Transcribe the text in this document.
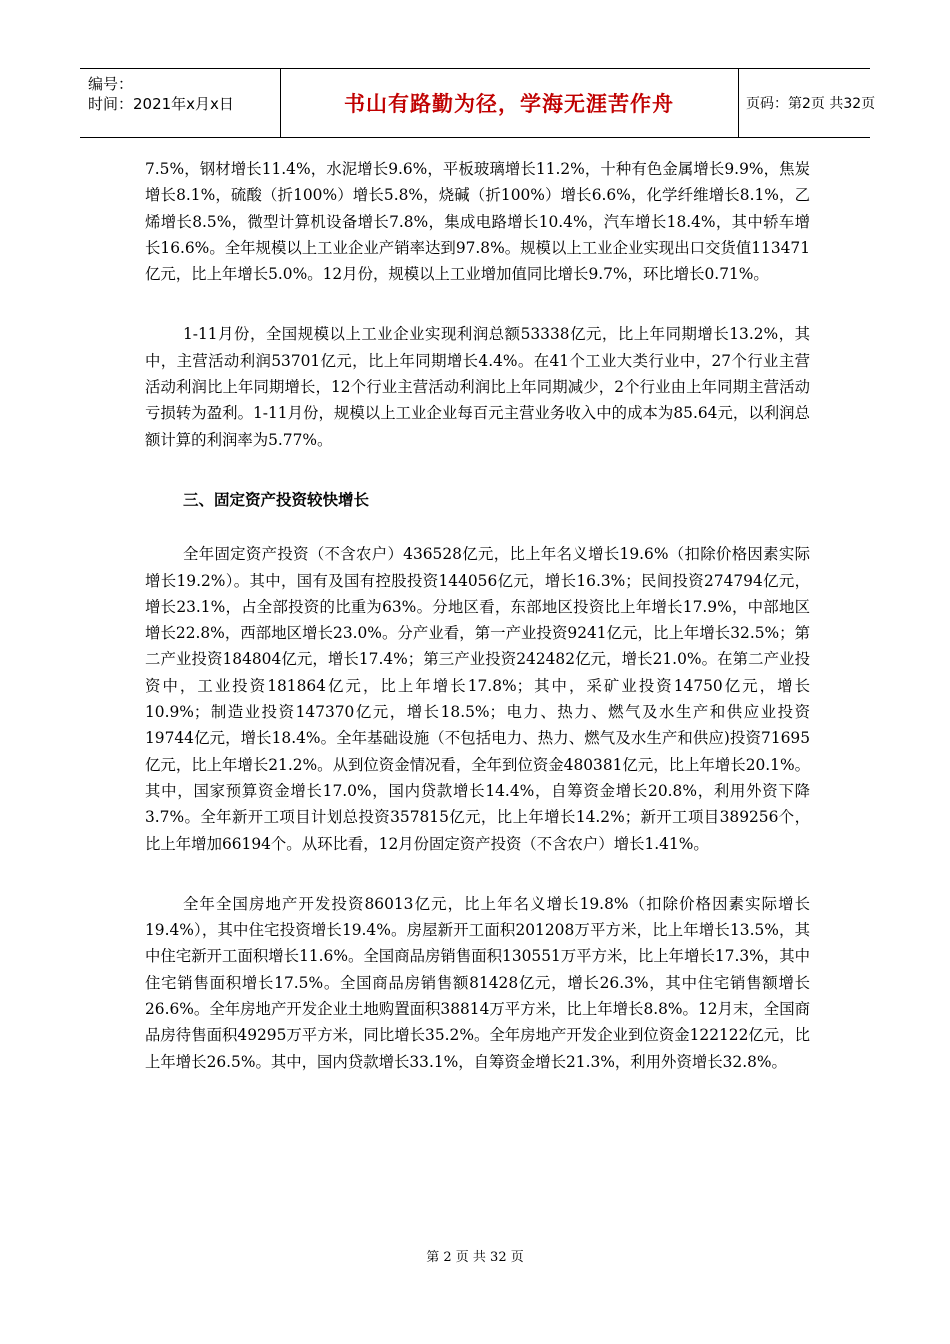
编号：
时间：2021年x月x日	书山有路勤为径，学海无涯苦作舟	页码：第2页 共32页

7.5%，钢材增长11.4%，水泥增长9.6%，平板玻璃增长11.2%，十种有色金属增长9.9%，焦炭增长8.1%，硫酸（折100%）增长5.8%，烧碱（折100%）增长6.6%，化学纤维增长8.1%，乙烯增长8.5%，微型计算机设备增长7.8%，集成电路增长10.4%，汽车增长18.4%，其中轿车增长16.6%。全年规模以上工业企业产销率达到97.8%。规模以上工业企业实现出口交货值113471亿元，比上年增长5.0%。12月份，规模以上工业增加值同比增长9.7%，环比增长0.71%。

1-11月份，全国规模以上工业企业实现利润总额53338亿元，比上年同期增长13.2%，其中，主营活动利润53701亿元，比上年同期增长4.4%。在41个工业大类行业中，27个行业主营活动利润比上年同期增长，12个行业主营活动利润比上年同期减少，2个行业由上年同期主营活动亏损转为盈利。1-11月份，规模以上工业企业每百元主营业务收入中的成本为85.64元，以利润总额计算的利润率为5.77%。

三、固定资产投资较快增长

全年固定资产投资（不含农户）436528亿元，比上年名义增长19.6%（扣除价格因素实际增长19.2%）。其中，国有及国有控股投资144056亿元，增长16.3%；民间投资274794亿元，增长23.1%，占全部投资的比重为63%。分地区看，东部地区投资比上年增长17.9%，中部地区增长22.8%，西部地区增长23.0%。分产业看，第一产业投资9241亿元，比上年增长32.5%；第二产业投资184804亿元，增长17.4%；第三产业投资242482亿元，增长21.0%。在第二产业投资中，工业投资181864亿元，比上年增长17.8%；其中，采矿业投资14750亿元，增长10.9%；制造业投资147370亿元，增长18.5%；电力、热力、燃气及水生产和供应业投资19744亿元，增长18.4%。全年基础设施（不包括电力、热力、燃气及水生产和供应)投资71695亿元，比上年增长21.2%。从到位资金情况看，全年到位资金480381亿元，比上年增长20.1%。其中，国家预算资金增长17.0%，国内贷款增长14.4%，自筹资金增长20.8%，利用外资下降3.7%。全年新开工项目计划总投资357815亿元，比上年增长14.2%；新开工项目389256个，比上年增加66194个。从环比看，12月份固定资产投资（不含农户）增长1.41%。

全年全国房地产开发投资86013亿元，比上年名义增长19.8%（扣除价格因素实际增长19.4%），其中住宅投资增长19.4%。房屋新开工面积201208万平方米，比上年增长13.5%，其中住宅新开工面积增长11.6%。全国商品房销售面积130551万平方米，比上年增长17.3%，其中住宅销售面积增长17.5%。全国商品房销售额81428亿元，增长26.3%，其中住宅销售额增长26.6%。全年房地产开发企业土地购置面积38814万平方米，比上年增长8.8%。12月末，全国商品房待售面积49295万平方米，同比增长35.2%。全年房地产开发企业到位资金122122亿元，比上年增长26.5%。其中，国内贷款增长33.1%，自筹资金增长21.3%，利用外资增长32.8%。

第 2 页 共 32 页
